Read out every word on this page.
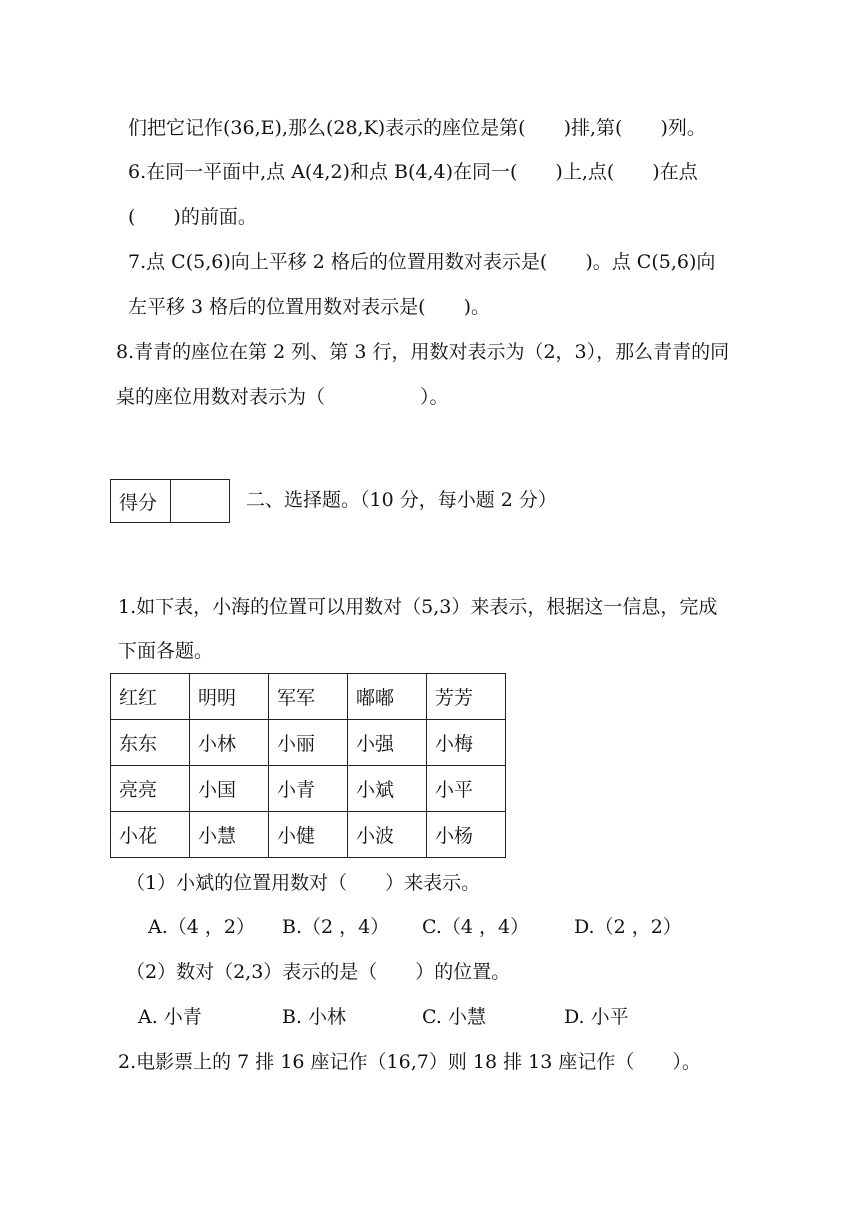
们把它记作(36,E),那么(28,K)表示的座位是第(　　)排,第(　　)列。
6.在同一平面中,点 A(4,2)和点 B(4,4)在同一(　　)上,点(　　)在点
(　　)的前面。
7.点 C(5,6)向上平移 2 格后的位置用数对表示是(　　)。点 C(5,6)向
左平移 3 格后的位置用数对表示是(　　)。
8.青青的座位在第 2 列、第 3 行，用数对表示为（2，3），那么青青的同
桌的座位用数对表示为（　　　　　）。
得分	二、选择题。（10 分，每小题 2 分）
1.如下表，小海的位置可以用数对（5,3）来表示，根据这一信息，完成
下面各题。
红红	明明	军军	嘟嘟	芳芳
东东	小林	小丽	小强	小梅
亮亮	小国	小青	小斌	小平
小花	小慧	小健	小波	小杨
（1）小斌的位置用数对（　　）来表示。
A.（4 ，2） B.（2 ，4） C.（4 ，4） D.（2 ，2）
（2）数对（2,3）表示的是（　　）的位置。
A. 小青	B. 小林	C. 小慧	D. 小平
2.电影票上的 7 排 16 座记作（16,7）则 18 排 13 座记作（　　）。
